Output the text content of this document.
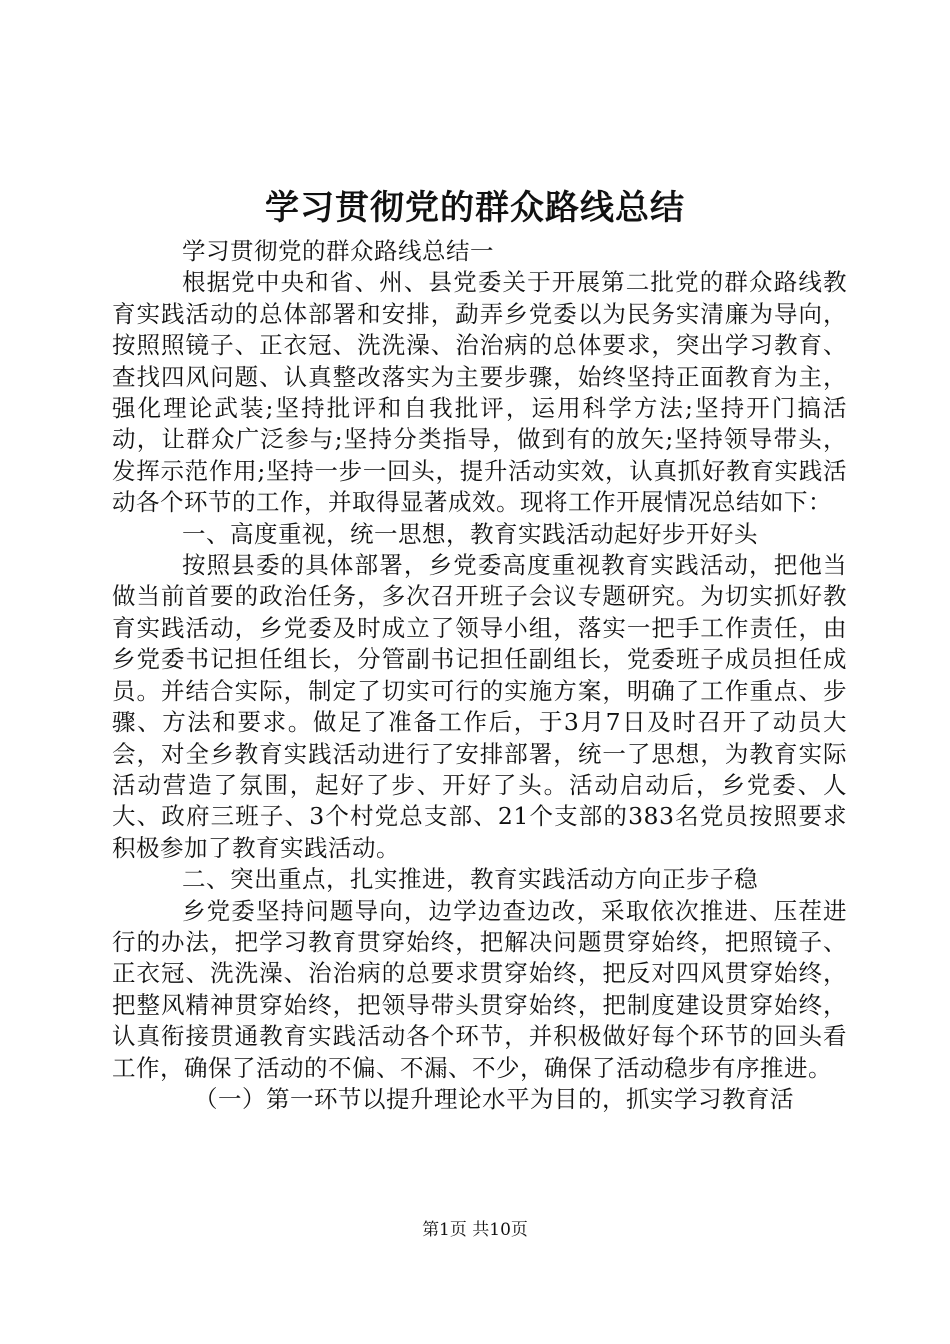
学习贯彻党的群众路线总结

学习贯彻党的群众路线总结一

根据党中央和省、州、县党委关于开展第二批党的群众路线教育实践活动的总体部署和安排，勐弄乡党委以为民务实清廉为导向，按照照镜子、正衣冠、洗洗澡、治治病的总体要求，突出学习教育、查找四风问题、认真整改落实为主要步骤，始终坚持正面教育为主，强化理论武装;坚持批评和自我批评，运用科学方法;坚持开门搞活动，让群众广泛参与;坚持分类指导，做到有的放矢;坚持领导带头，发挥示范作用;坚持一步一回头，提升活动实效，认真抓好教育实践活动各个环节的工作，并取得显著成效。现将工作开展情况总结如下：

一、高度重视，统一思想，教育实践活动起好步开好头

按照县委的具体部署，乡党委高度重视教育实践活动，把他当做当前首要的政治任务，多次召开班子会议专题研究。为切实抓好教育实践活动，乡党委及时成立了领导小组，落实一把手工作责任，由乡党委书记担任组长，分管副书记担任副组长，党委班子成员担任成员。并结合实际，制定了切实可行的实施方案，明确了工作重点、步骤、方法和要求。做足了准备工作后，于3月7日及时召开了动员大会，对全乡教育实践活动进行了安排部署，统一了思想，为教育实际活动营造了氛围，起好了步、开好了头。活动启动后，乡党委、人大、政府三班子、3个村党总支部、21个支部的383名党员按照要求积极参加了教育实践活动。

二、突出重点，扎实推进，教育实践活动方向正步子稳

乡党委坚持问题导向，边学边查边改，采取依次推进、压茬进行的办法，把学习教育贯穿始终，把解决问题贯穿始终，把照镜子、正衣冠、洗洗澡、治治病的总要求贯穿始终，把反对四风贯穿始终，把整风精神贯穿始终，把领导带头贯穿始终，把制度建设贯穿始终，认真衔接贯通教育实践活动各个环节，并积极做好每个环节的回头看工作，确保了活动的不偏、不漏、不少，确保了活动稳步有序推进。

（一）第一环节以提升理论水平为目的，抓实学习教育活

第1页 共10页
